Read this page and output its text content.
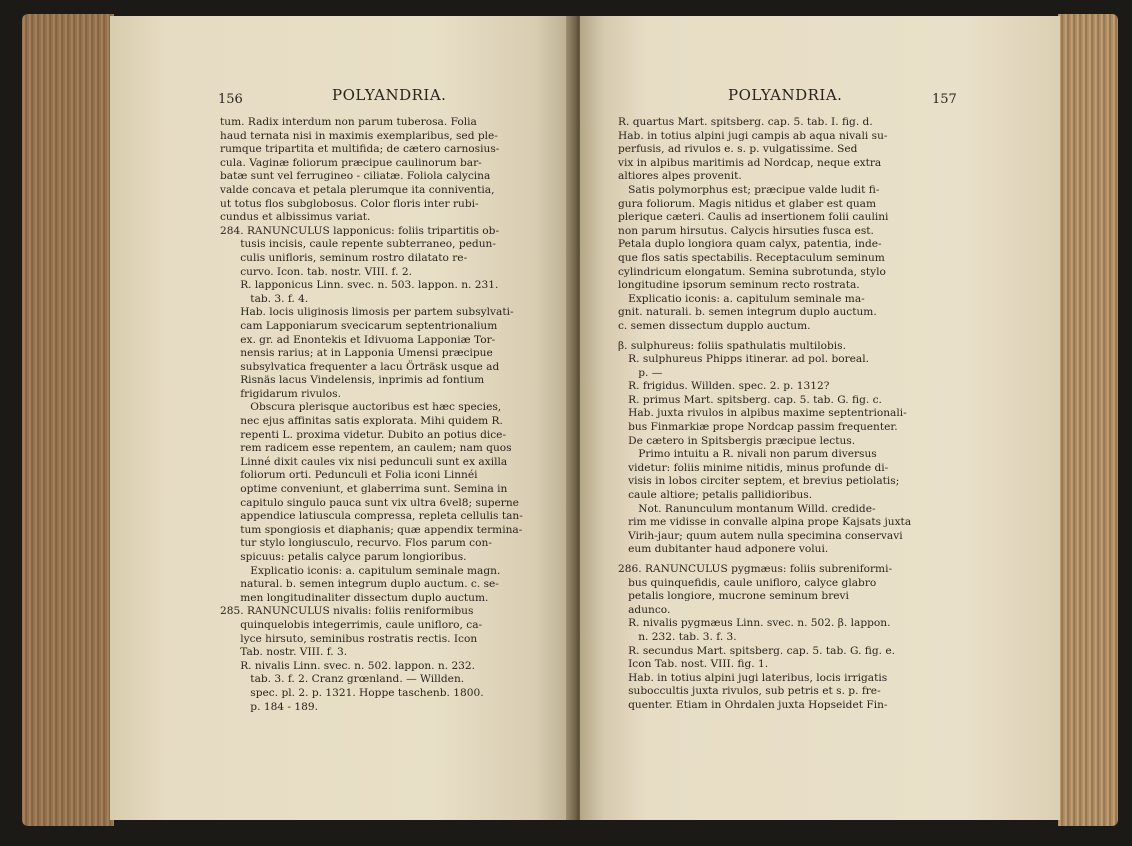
156	POLYANDRIA.
tum. Radix interdum non parum tuberosa. Folia
haud ternata nisi in maximis exemplaribus, sed ple-
rumque tripartita et multifida; de cætero carnosius-
cula. Vaginæ foliorum præcipue caulinorum bar-
batæ sunt vel ferrugineo - ciliatæ. Foliola calycina
valde concava et petala plerumque ita conniventia,
ut totus flos subglobosus. Color floris inter rubi-
cundus et albissimus variat.
284. RANUNCULUS lapponicus: foliis tripartitis ob-
tusis incisis, caule repente subterraneo, pedun-
culis unifloris, seminum rostro dilatato re-
curvo. Icon. tab. nostr. VIII. f. 2.
R. lapponicus Linn. svec. n. 503. lappon. n. 231.
tab. 3. f. 4.
Hab. locis uliginosis limosis per partem subsylvati-
cam Lapponiarum svecicarum septentrionalium
ex. gr. ad Enontekis et Idivuoma Lapponiæ Tor-
nensis rarius; at in Lapponia Umensi præcipue
subsylvatica frequenter a lacu Örträsk usque ad
Risnäs lacus Vindelensis, inprimis ad fontium
frigidarum rivulos.
Obscura plerisque auctoribus est hæc species,
nec ejus affinitas satis explorata. Mihi quidem R.
repenti L. proxima videtur. Dubito an potius dice-
rem radicem esse repentem, an caulem; nam quos
Linné dixit caules vix nisi pedunculi sunt ex axilla
foliorum orti. Pedunculi et Folia iconi Linnéi
optime conveniunt, et glaberrima sunt. Semina in
capitulo singulo pauca sunt vix ultra 6vel8; superne
appendice latiuscula compressa, repleta cellulis tan-
tum spongiosis et diaphanis; quæ appendix termina-
tur stylo longiusculo, recurvo. Flos parum con-
spicuus: petalis calyce parum longioribus.
Explicatio iconis: a. capitulum seminale magn.
natural. b. semen integrum duplo auctum. c. se-
men longitudinaliter dissectum duplo auctum.
285. RANUNCULUS nivalis: foliis reniformibus
quinquelobis integerrimis, caule unifloro, ca-
lyce hirsuto, seminibus rostratis rectis. Icon
Tab. nostr. VIII. f. 3.
R. nivalis Linn. svec. n. 502. lappon. n. 232.
tab. 3. f. 2. Cranz grœnland. — Willden.
spec. pl. 2. p. 1321. Hoppe taschenb. 1800.
p. 184 - 189.
POLYANDRIA.	157
R. quartus Mart. spitsberg. cap. 5. tab. I. fig. d.
Hab. in totius alpini jugi campis ab aqua nivali su-
perfusis, ad rivulos e. s. p. vulgatissime. Sed
vix in alpibus maritimis ad Nordcap, neque extra
altiores alpes provenit.
Satis polymorphus est; præcipue valde ludit fi-
gura foliorum. Magis nitidus et glaber est quam
plerique cæteri. Caulis ad insertionem folii caulini
non parum hirsutus. Calycis hirsuties fusca est.
Petala duplo longiora quam calyx, patentia, inde-
que flos satis spectabilis. Receptaculum seminum
cylindricum elongatum. Semina subrotunda, stylo
longitudine ipsorum seminum recto rostrata.
Explicatio iconis: a. capitulum seminale ma-
gnit. naturali. b. semen integrum duplo auctum.
c. semen dissectum dupplo auctum.
β. sulphureus: foliis spathulatis multilobis.
R. sulphureus Phipps itinerar. ad pol. boreal.
p. —
R. frigidus. Willden. spec. 2. p. 1312?
R. primus Mart. spitsberg. cap. 5. tab. G. fig. c.
Hab. juxta rivulos in alpibus maxime septentrionali-
bus Finmarkiæ prope Nordcap passim frequenter.
De cætero in Spitsbergis præcipue lectus.
Primo intuitu a R. nivali non parum diversus
videtur: foliis minime nitidis, minus profunde di-
visis in lobos circiter septem, et brevius petiolatis;
caule altiore; petalis pallidioribus.
Not. Ranunculum montanum Willd. credide-
rim me vidisse in convalle alpina prope Kajsats juxta
Virih-jaur; quum autem nulla specimina conservavi
eum dubitanter haud adponere volui.
286. RANUNCULUS pygmæus: foliis subreniformi-
bus quinquefidis, caule unifloro, calyce glabro
petalis longiore, mucrone seminum brevi
adunco.
R. nivalis pygmæus Linn. svec. n. 502. β. lappon.
n. 232. tab. 3. f. 3.
R. secundus Mart. spitsberg. cap. 5. tab. G. fig. e.
Icon Tab. nost. VIII. fig. 1.
Hab. in totius alpini jugi lateribus, locis irrigatis
suboccultis juxta rivulos, sub petris et s. p. fre-
quenter. Etiam in Ohrdalen juxta Hopseidet Fin-
